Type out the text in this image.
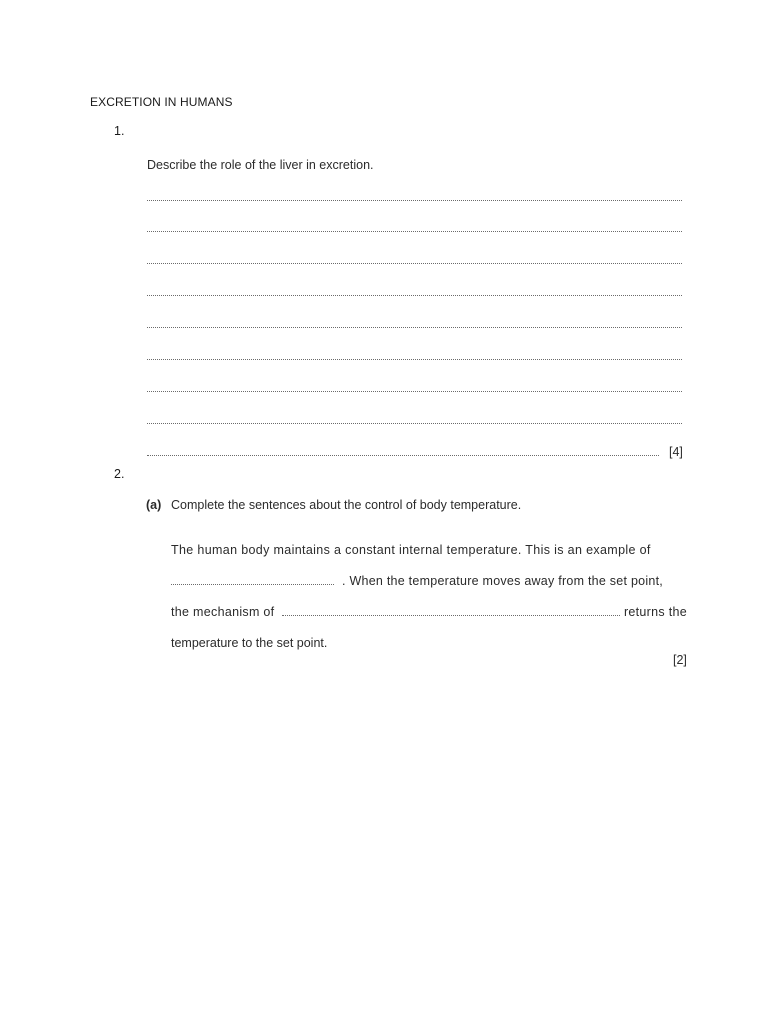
EXCRETION IN HUMANS
1.
Describe the role of the liver in excretion.
[4]
2.
(a) Complete the sentences about the control of body temperature.
The human body maintains a constant internal temperature. This is an example of
. When the temperature moves away from the set point,
the mechanism of	returns the
temperature to the set point.
[2]
